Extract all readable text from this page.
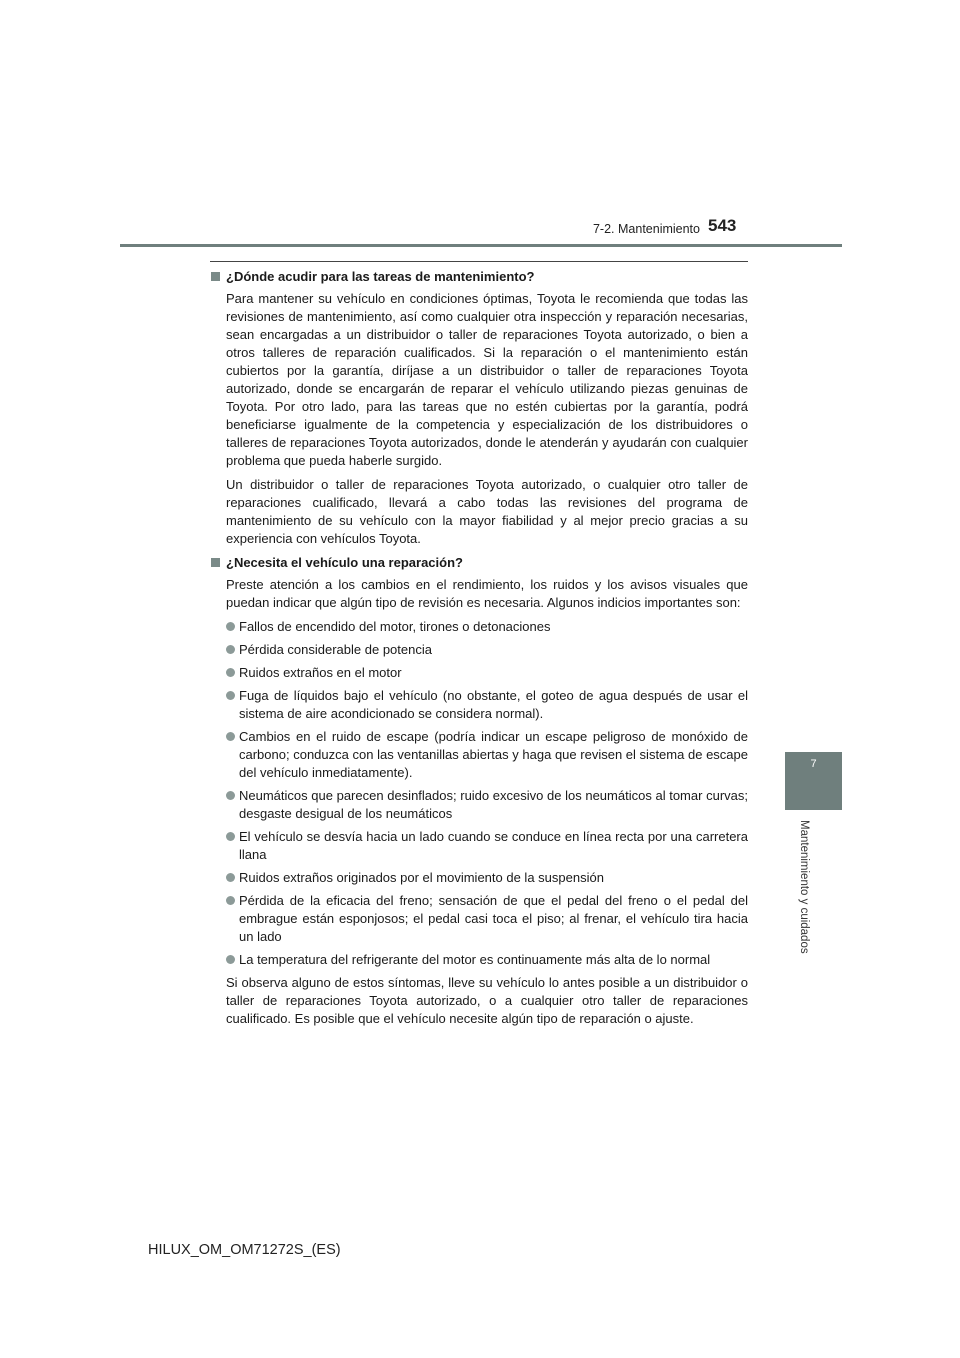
7-2. Mantenimiento 543
7
Mantenimiento y cuidados
¿Dónde acudir para las tareas de mantenimiento?

Para mantener su vehículo en condiciones óptimas, Toyota le recomienda que todas las revisiones de mantenimiento, así como cualquier otra inspección y reparación necesarias, sean encargadas a un distribuidor o taller de reparaciones Toyota autorizado, o bien a otros talleres de reparación cualificados. Si la reparación o el mantenimiento están cubiertos por la garantía, diríjase a un distribuidor o taller de reparaciones Toyota autorizado, donde se encargarán de reparar el vehículo utilizando piezas genuinas de Toyota. Por otro lado, para las tareas que no estén cubiertas por la garantía, podrá beneficiarse igualmente de la competencia y especialización de los distribuidores o talleres de reparaciones Toyota autorizados, donde le atenderán y ayudarán con cualquier problema que pueda haberle surgido.

Un distribuidor o taller de reparaciones Toyota autorizado, o cualquier otro taller de reparaciones cualificado, llevará a cabo todas las revisiones del programa de mantenimiento de su vehículo con la mayor fiabilidad y al mejor precio gracias a su experiencia con vehículos Toyota.

¿Necesita el vehículo una reparación?

Preste atención a los cambios en el rendimiento, los ruidos y los avisos visuales que puedan indicar que algún tipo de revisión es necesaria. Algunos indicios importantes son:

Fallos de encendido del motor, tirones o detonaciones
Pérdida considerable de potencia
Ruidos extraños en el motor
Fuga de líquidos bajo el vehículo (no obstante, el goteo de agua después de usar el sistema de aire acondicionado se considera normal).
Cambios en el ruido de escape (podría indicar un escape peligroso de monóxido de carbono; conduzca con las ventanillas abiertas y haga que revisen el sistema de escape del vehículo inmediatamente).
Neumáticos que parecen desinflados; ruido excesivo de los neumáticos al tomar curvas; desgaste desigual de los neumáticos
El vehículo se desvía hacia un lado cuando se conduce en línea recta por una carretera llana
Ruidos extraños originados por el movimiento de la suspensión
Pérdida de la eficacia del freno; sensación de que el pedal del freno o el pedal del embrague están esponjosos; el pedal casi toca el piso; al frenar, el vehículo tira hacia un lado
La temperatura del refrigerante del motor es continuamente más alta de lo normal

Si observa alguno de estos síntomas, lleve su vehículo lo antes posible a un distribuidor o taller de reparaciones Toyota autorizado, o a cualquier otro taller de reparaciones cualificado. Es posible que el vehículo necesite algún tipo de reparación o ajuste.

HILUX_OM_OM71272S_(ES)
